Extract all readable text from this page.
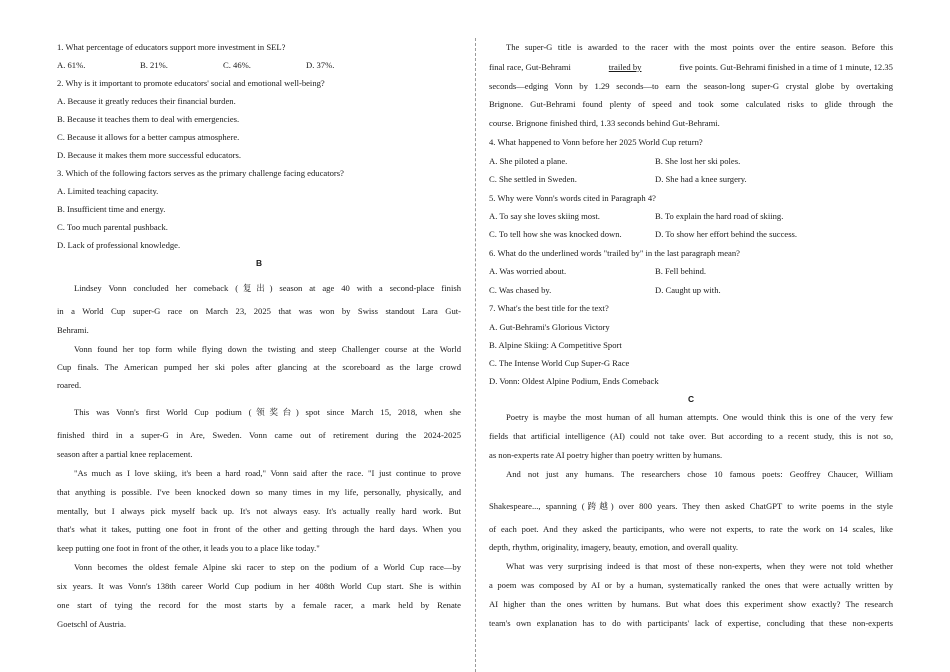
1. What percentage of educators support more investment in SEL?
A. 61%.	B. 21%.	C. 46%.	D. 37%.
2. Why is it important to promote educators' social and emotional well-being?
A. Because it greatly reduces their financial burden.
B. Because it teaches them to deal with emergencies.
C. Because it allows for a better campus atmosphere.
D. Because it makes them more successful educators.
3. Which of the following factors serves as the primary challenge facing educators?
A. Limited teaching capacity.
B. Insufficient time and energy.
C. Too much parental pushback.
D. Lack of professional knowledge.
B
Lindsey Vonn concluded her comeback (复出) season at age 40 with a second-place finish
in a World Cup super-G race on March 23, 2025 that was won by Swiss standout Lara Gut-
Behrami.
Vonn found her top form while flying down the twisting and steep Challenger course at the World
Cup finals. The American pumped her ski poles after glancing at the scoreboard as the large crowd
roared.
This was Vonn's first World Cup podium (领奖台) spot since March 15, 2018, when she
finished third in a super-G in Are, Sweden. Vonn came out of retirement during the 2024-2025
season after a partial knee replacement.
"As much as I love skiing, it's been a hard road," Vonn said after the race. "I just continue to prove
that anything is possible. I've been knocked down so many times in my life, personally, physically, and
mentally, but I always pick myself back up. It's not always easy. It's actually really hard work. But
that's what it takes, putting one foot in front of the other and getting through the hard days. When you
keep putting one foot in front of the other, it leads you to a place like today."
Vonn becomes the oldest female Alpine ski racer to step on the podium of a World Cup race—by
six years. It was Vonn's 138th career World Cup podium in her 408th World Cup start. She is within
one start of tying the record for the most starts by a female racer, a mark held by Renate
Goetschl of Austria.
The super-G title is awarded to the racer with the most points over the entire season. Before this
final race, Gut-Behrami	trailed by	five points. Gut-Behrami finished in a time of 1 minute, 12.35
seconds—edging Vonn by 1.29 seconds—to earn the season-long super-G crystal globe by overtaking
Brignone. Gut-Behrami found plenty of speed and took some calculated risks to glide through the
course. Brignone finished third, 1.33 seconds behind Gut-Behrami.
4. What happened to Vonn before her 2025 World Cup return?
A. She piloted a plane.	B. She lost her ski poles.
C. She settled in Sweden.	D. She had a knee surgery.
5. Why were Vonn's words cited in Paragraph 4?
A. To say she loves skiing most.	B. To explain the hard road of skiing.
C. To tell how she was knocked down.	D. To show her effort behind the success.
6. What do the underlined words "trailed by" in the last paragraph mean?
A. Was worried about.	B. Fell behind.
C. Was chased by.	D. Caught up with.
7. What's the best title for the text?
A. Gut-Behrami's Glorious Victory
B. Alpine Skiing: A Competitive Sport
C. The Intense World Cup Super-G Race
D. Vonn: Oldest Alpine Podium, Ends Comeback
C
Poetry is maybe the most human of all human attempts. One would think this is one of the very few
fields that artificial intelligence (AI) could not take over. But according to a recent study, this is not so,
as non-experts rate AI poetry higher than poetry written by humans.
And not just any humans. The researchers chose 10 famous poets: Geoffrey Chaucer, William
Shakespeare..., spanning (跨越) over 800 years. They then asked ChatGPT to write poems in the style
of each poet. And they asked the participants, who were not experts, to rate the work on 14 scales, like
depth, rhythm, originality, imagery, beauty, emotion, and overall quality.
What was very surprising indeed is that most of these non-experts, when they were not told whether
a poem was composed by AI or by a human, systematically ranked the ones that were actually written by
AI higher than the ones written by humans. But what does this experiment show exactly? The research
team's own explanation has to do with participants' lack of expertise, concluding that these non-experts
